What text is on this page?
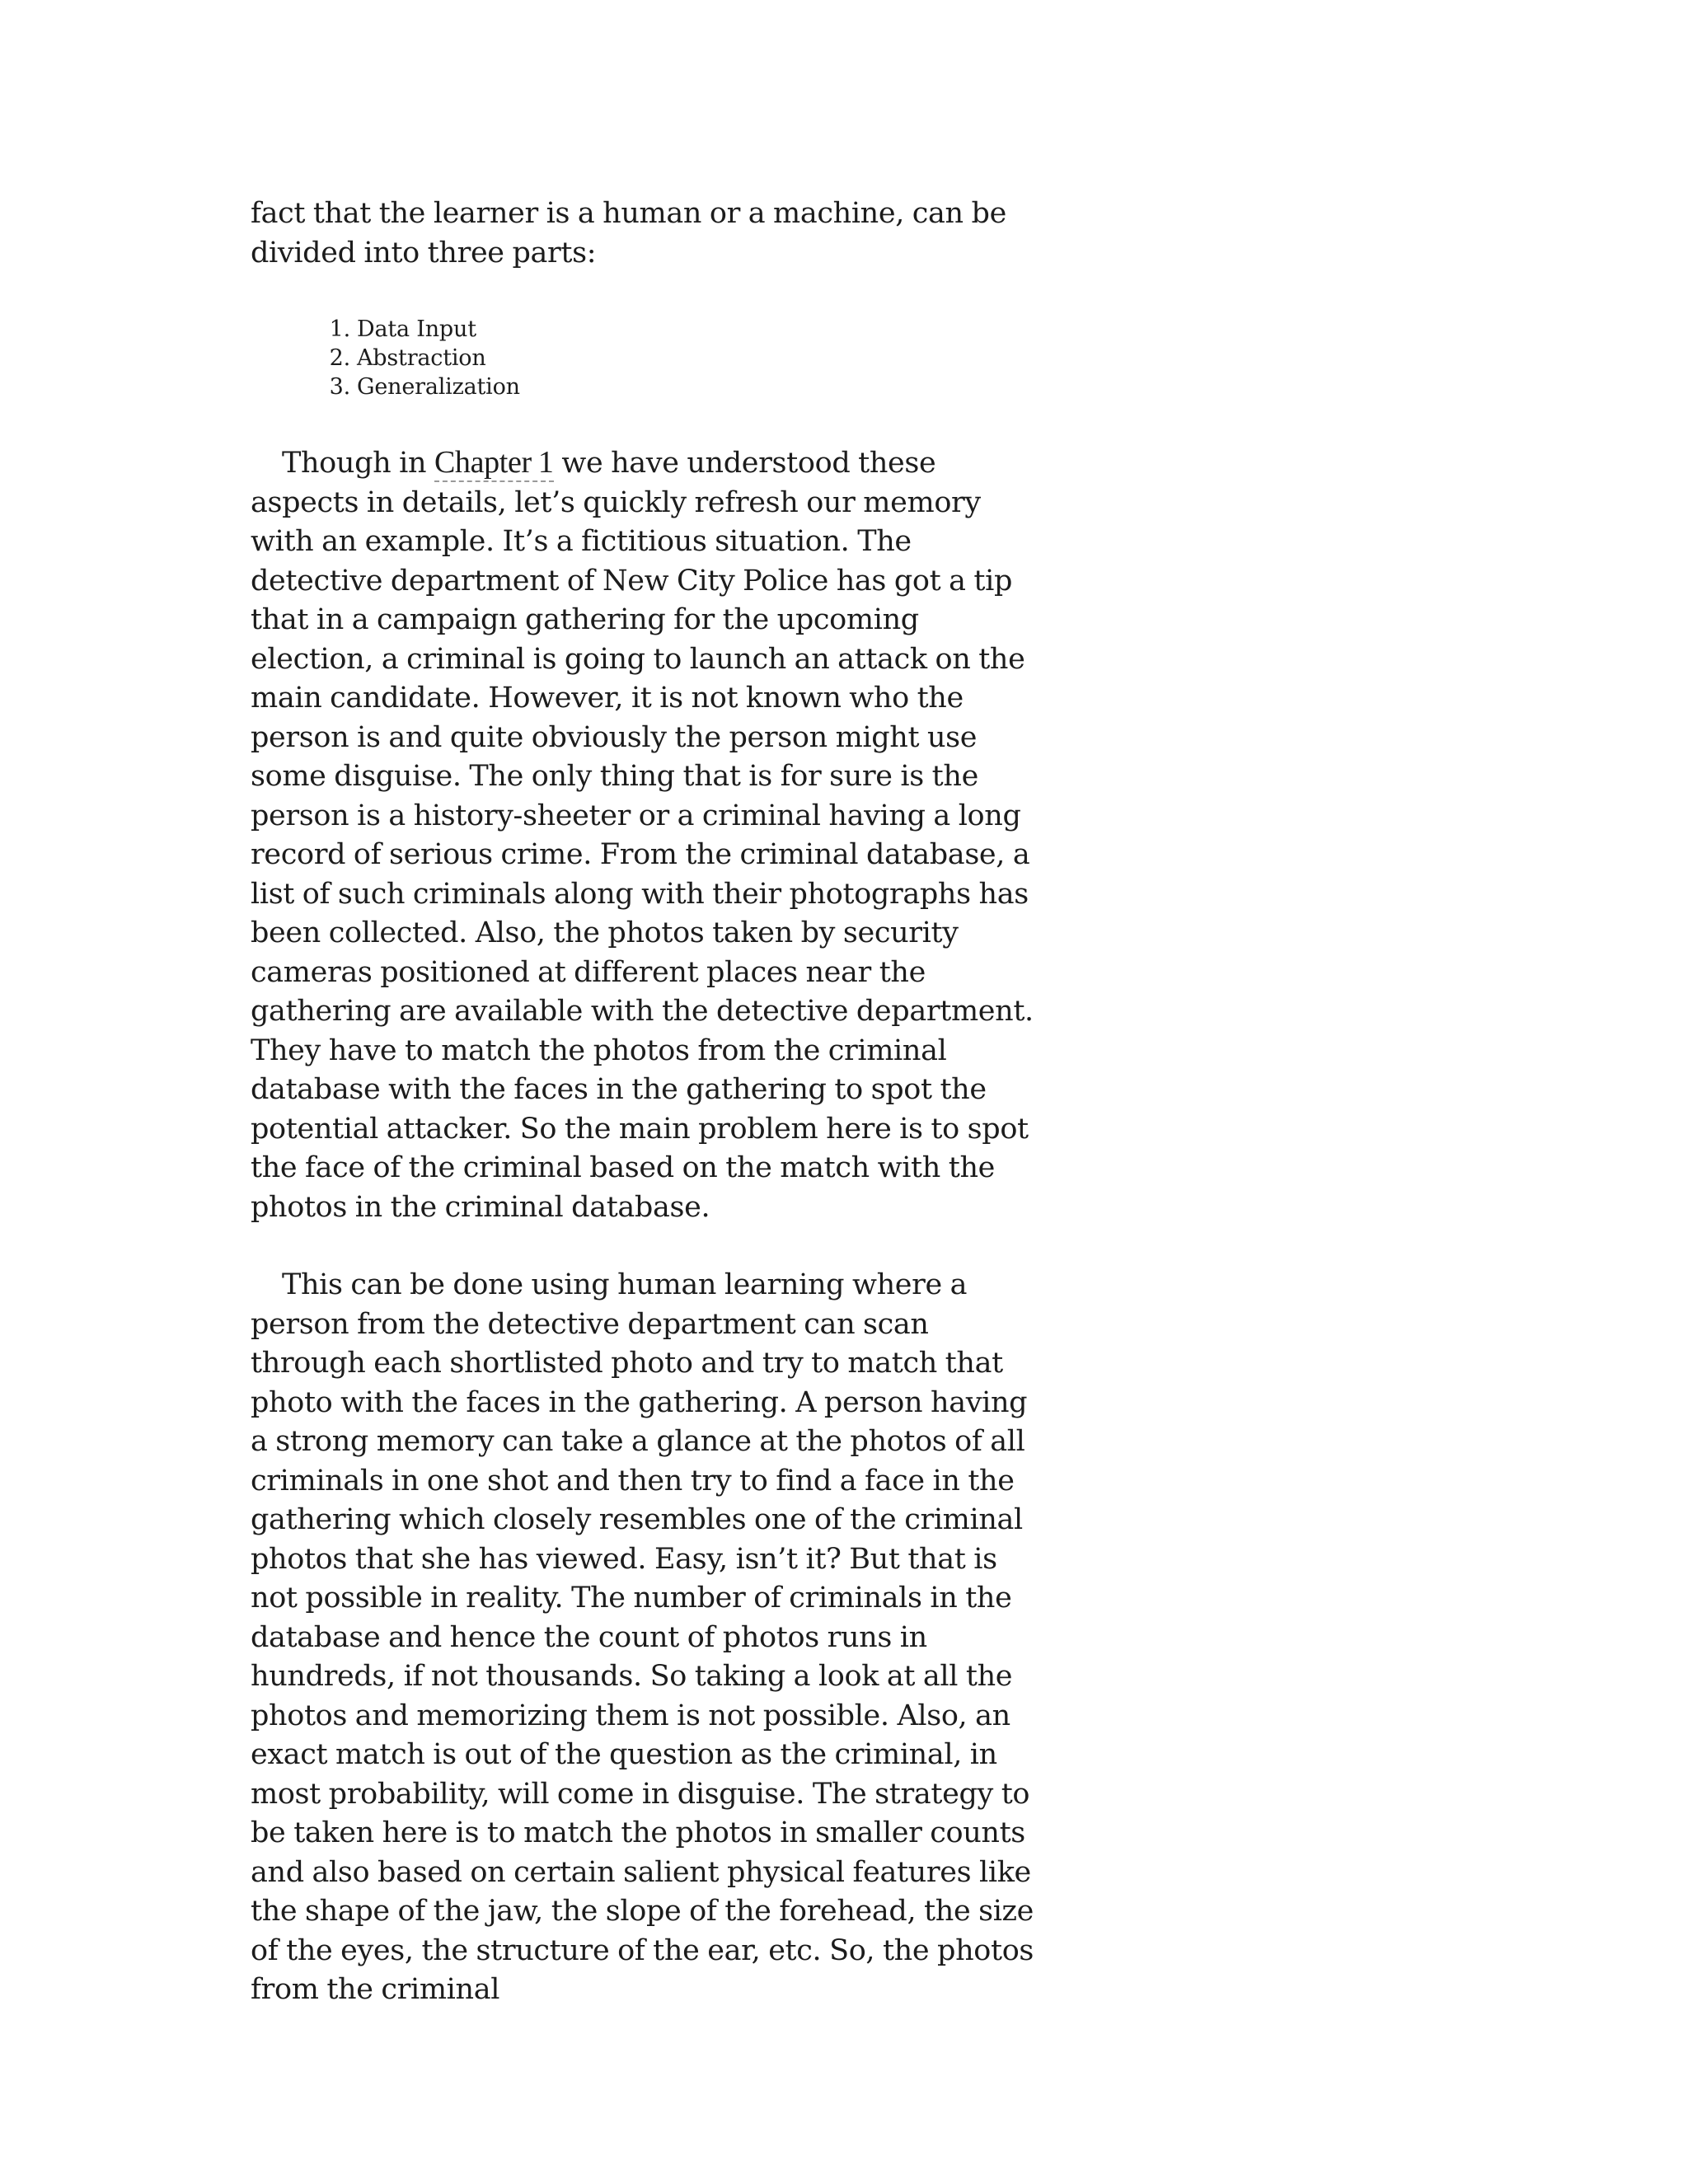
fact that the learner is a human or a machine, can be divided into three parts:

1. Data Input
2. Abstraction
3. Generalization

Though in Chapter 1 we have understood these aspects in details, let’s quickly refresh our memory with an example. It’s a fictitious situation. The detective department of New City Police has got a tip that in a campaign gathering for the upcoming election, a criminal is going to launch an attack on the main candidate. However, it is not known who the person is and quite obviously the person might use some disguise. The only thing that is for sure is the person is a history-sheeter or a criminal having a long record of serious crime. From the criminal database, a list of such criminals along with their photographs has been collected. Also, the photos taken by security cameras positioned at different places near the gathering are available with the detective department. They have to match the photos from the criminal database with the faces in the gathering to spot the potential attacker. So the main problem here is to spot the face of the criminal based on the match with the photos in the criminal database.

This can be done using human learning where a person from the detective department can scan through each shortlisted photo and try to match that photo with the faces in the gathering. A person having a strong memory can take a glance at the photos of all criminals in one shot and then try to find a face in the gathering which closely resembles one of the criminal photos that she has viewed. Easy, isn’t it? But that is not possible in reality. The number of criminals in the database and hence the count of photos runs in hundreds, if not thousands. So taking a look at all the photos and memorizing them is not possible. Also, an exact match is out of the question as the criminal, in most probability, will come in disguise. The strategy to be taken here is to match the photos in smaller counts and also based on certain salient physical features like the shape of the jaw, the slope of the forehead, the size of the eyes, the structure of the ear, etc. So, the photos from the criminal
